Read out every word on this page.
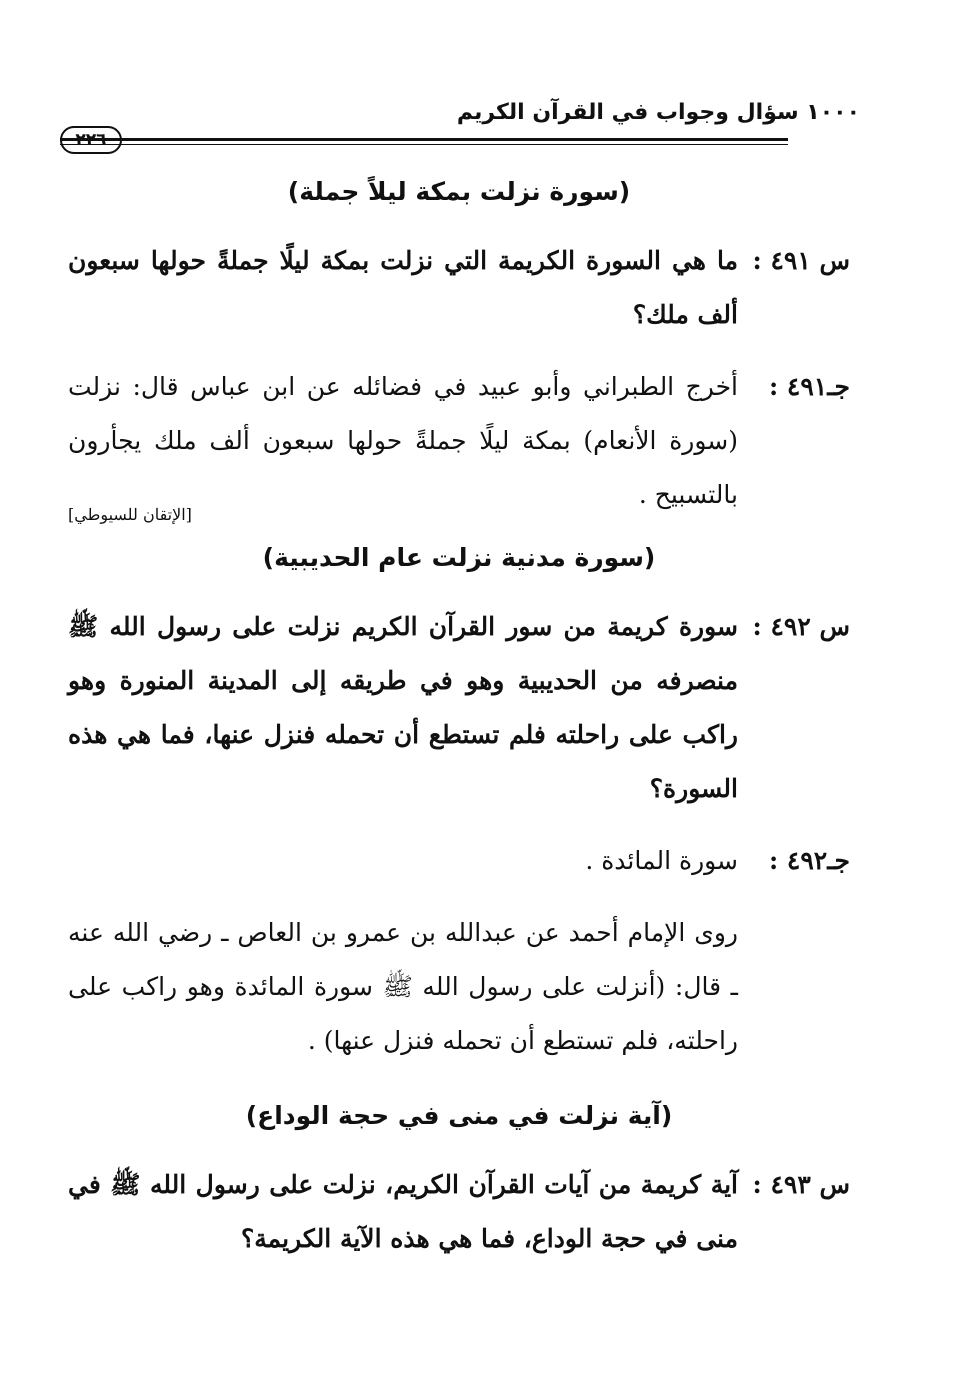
١٠٠٠ سؤال وجواب في القرآن الكريم
٢٢٦
(سورة نزلت بمكة ليلاً جملة)
س ٤٩١ :
ما هي السورة الكريمة التي نزلت بمكة ليلًا جملةً حولها سبعون ألف ملك؟
جـ٤٩١ :
أخرج الطبراني وأبو عبيد في فضائله عن ابن عباس قال: نزلت (سورة الأنعام) بمكة ليلًا جملةً حولها سبعون ألف ملك يجأرون بالتسبيح .
[الإتقان للسيوطي]
(سورة مدنية نزلت عام الحديبية)
س ٤٩٢ :
سورة كريمة من سور القرآن الكريم نزلت على رسول الله ﷺ منصرفه من الحديبية وهو في طريقه إلى المدينة المنورة وهو راكب على راحلته فلم تستطع أن تحمله فنزل عنها، فما هي هذه السورة؟
جـ٤٩٢ :
سورة المائدة .
روى الإمام أحمد عن عبدالله بن عمرو بن العاص ـ رضي الله عنه ـ قال: (أنزلت على رسول الله ﷺ سورة المائدة وهو راكب على راحلته، فلم تستطع أن تحمله فنزل عنها) .
(آية نزلت في منى في حجة الوداع)
س ٤٩٣ :
آية كريمة من آيات القرآن الكريم، نزلت على رسول الله ﷺ في منى في حجة الوداع، فما هي هذه الآية الكريمة؟
